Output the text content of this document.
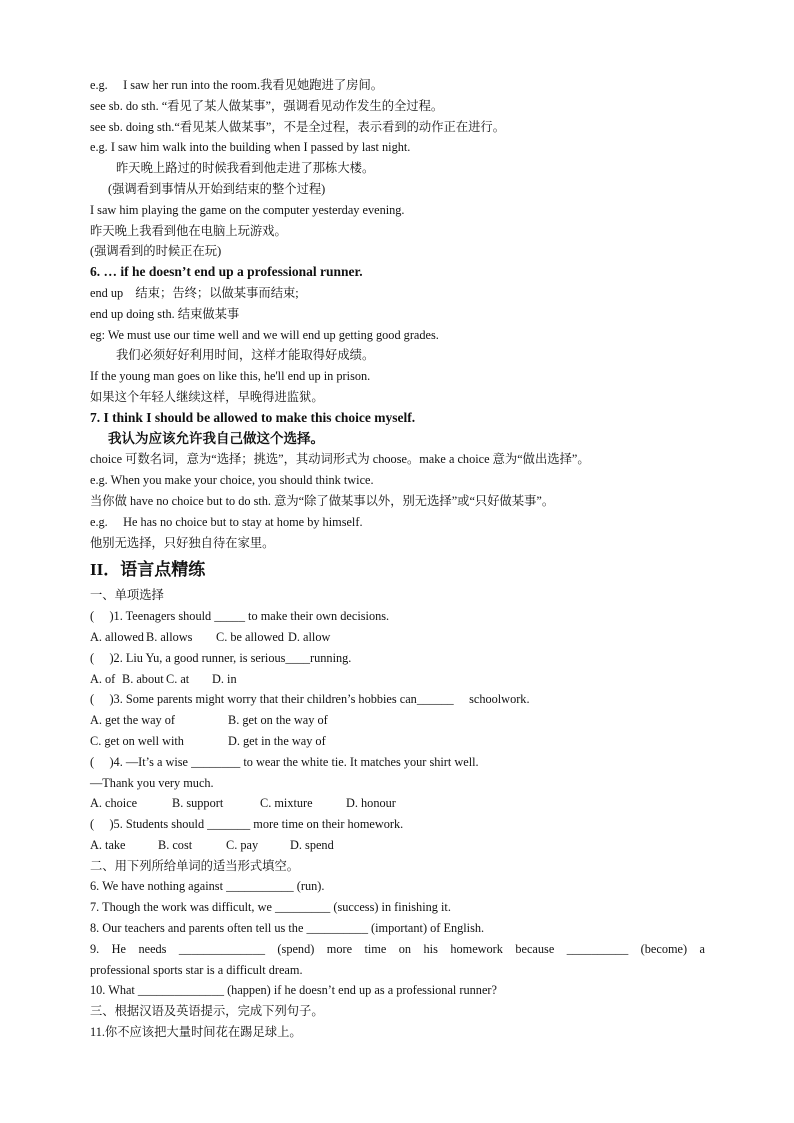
e.g.　 I saw her run into the room.我看见她跑进了房间。
see sb. do sth. “看见了某人做某事”，强调看见动作发生的全过程。
see sb. doing sth.“看见某人做某事”，不是全过程，表示看到的动作正在进行。
e.g. I saw him walk into the building when I passed by last night.
昨天晚上路过的时候我看到他走进了那栋大楼。
(强调看到事情从开始到结束的整个过程)
I saw him playing the game on the computer yesterday evening.
昨天晚上我看到他在电脑上玩游戏。
(强调看到的时候正在玩)
6. … if he doesn’t end up a professional runner.
end up　结束；告终；以做某事而结束;
end up doing sth. 结束做某事
eg: We must use our time well and we will end up getting good grades.
我们必须好好利用时间，这样才能取得好成绩。
If the young man goes on like this, he'll end up in prison.
如果这个年轻人继续这样，早晚得进监狱。
7. I think I should be allowed to make this choice myself.
我认为应该允许我自己做这个选择。
choice 可数名词，意为“选择；挑选”，其动词形式为 choose。make a choice 意为“做出选择”。
e.g. When you make your choice, you should think twice.
当你做 have no choice but to do sth. 意为“除了做某事以外，别无选择”或“只好做某事”。
e.g.　 He has no choice but to stay at home by himself.
他别无选择，只好独自待在家里。
II．语言点精练
一、单项选择
(　 )1. Teenagers should _____ to make their own decisions.
A. allowed B. allows C. be allowed D. allow
(　 )2. Liu Yu, a good runner, is serious____running.
A. of B. about C. at D. in
(　 )3. Some parents might worry that their children’s hobbies can______　 schoolwork.
A. get the way of	B. get on the way of
C. get on well with	D. get in the way of
(　 )4. —It’s a wise ________ to wear the white tie. It matches your shirt well.
—Thank you very much.
A. choice	B. support	C. mixture	D. honour
(　 )5. Students should _______ more time on their homework.
A. take	B. cost	C. pay	D. spend
二、用下列所给单词的适当形式填空。
6. We have nothing against ___________ (run).
7. Though the work was difficult, we _________ (success) in finishing it.
8. Our teachers and parents often tell us the __________ (important) of English.
9. He needs ______________ (spend) more time on his homework because __________ (become) a
professional sports star is a difficult dream.
10. What ______________ (happen) if he doesn’t end up as a professional runner?
三、根据汉语及英语提示，完成下列句子。
11.你不应该把大量时间花在踢足球上。
